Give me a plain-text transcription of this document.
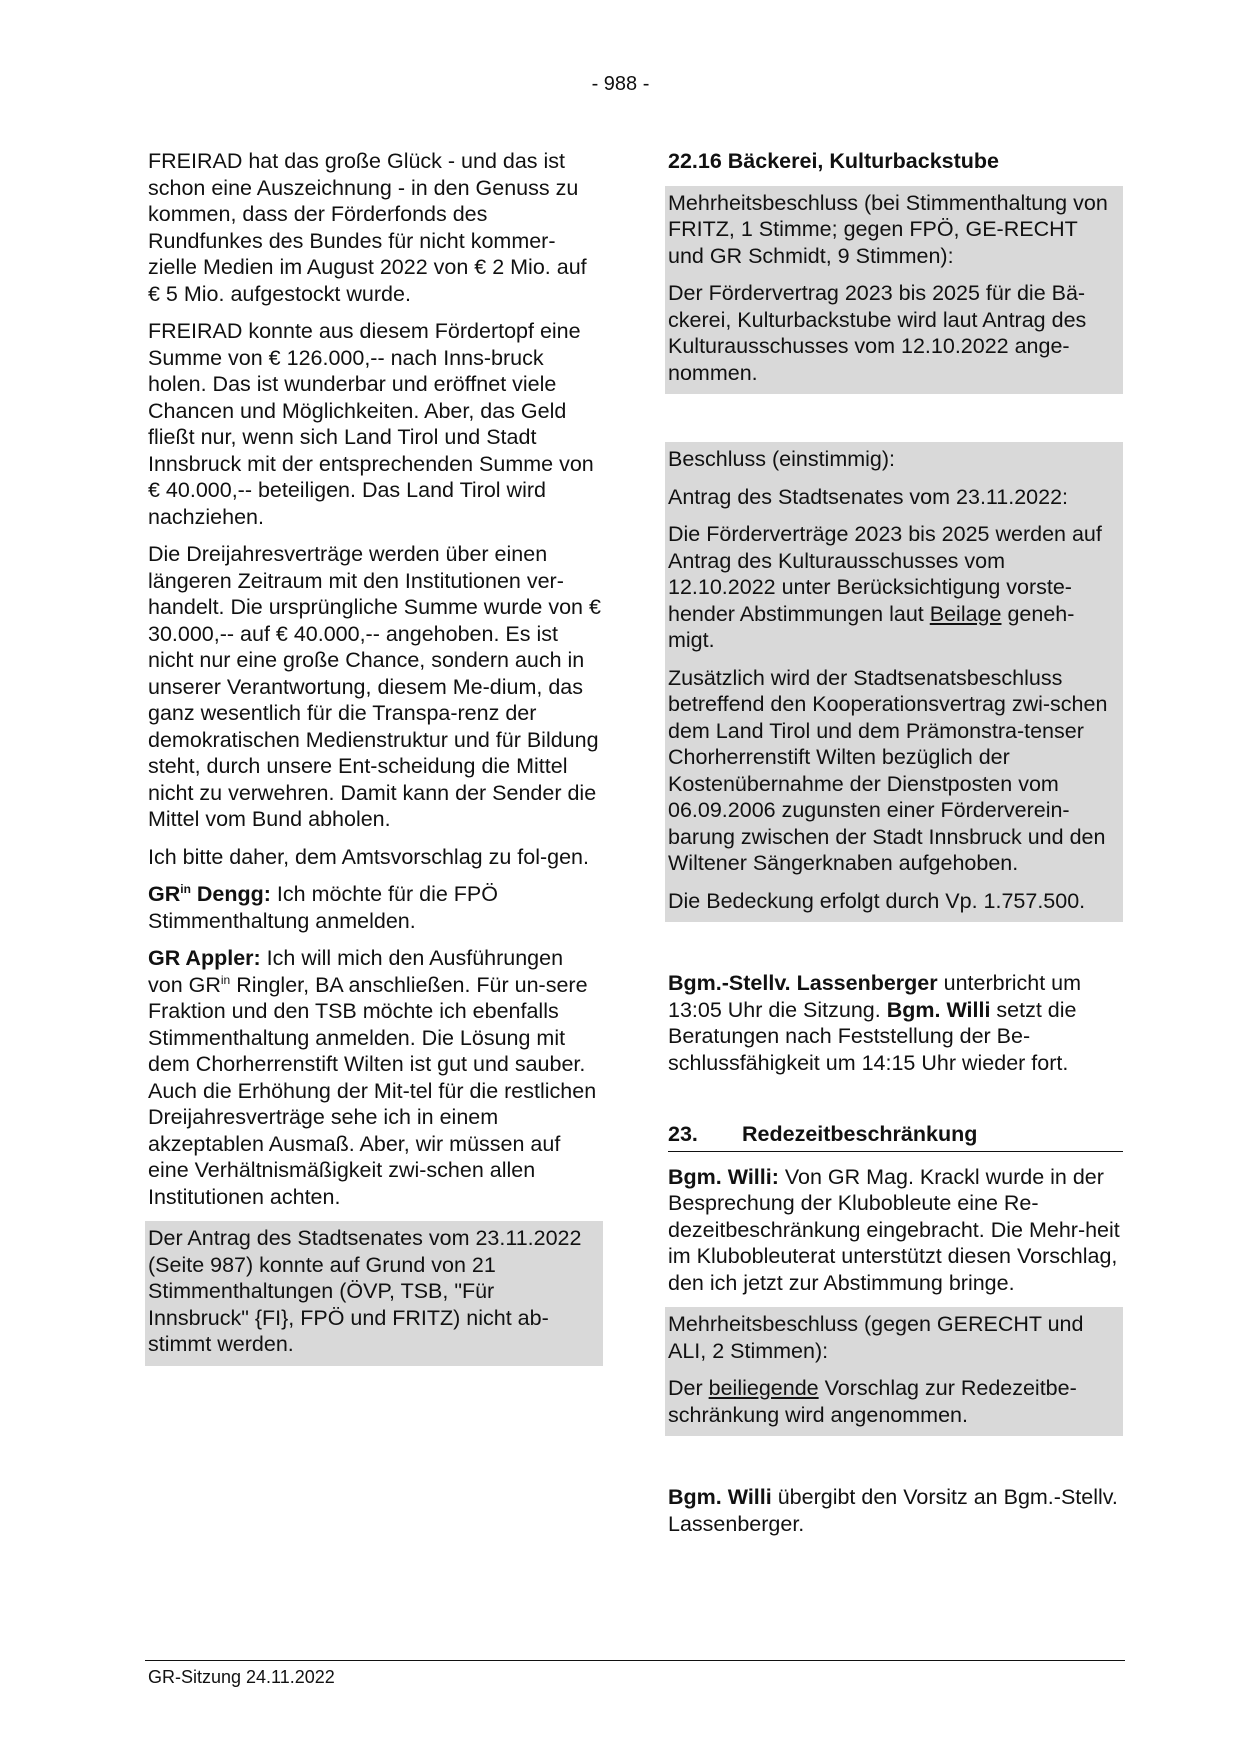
- 988 -

FREIRAD hat das große Glück - und das ist schon eine Auszeichnung - in den Genuss zu kommen, dass der Förderfonds des Rundfunkes des Bundes für nicht kommer-zielle Medien im August 2022 von € 2 Mio. auf € 5 Mio. aufgestockt wurde.

FREIRAD konnte aus diesem Fördertopf eine Summe von € 126.000,-- nach Inns-bruck holen. Das ist wunderbar und eröffnet viele Chancen und Möglichkeiten. Aber, das Geld fließt nur, wenn sich Land Tirol und Stadt Innsbruck mit der entsprechenden Summe von € 40.000,-- beteiligen. Das Land Tirol wird nachziehen.

Die Dreijahresverträge werden über einen längeren Zeitraum mit den Institutionen ver-handelt. Die ursprüngliche Summe wurde von € 30.000,-- auf € 40.000,-- angehoben. Es ist nicht nur eine große Chance, sondern auch in unserer Verantwortung, diesem Me-dium, das ganz wesentlich für die Transpa-renz der demokratischen Medienstruktur und für Bildung steht, durch unsere Ent-scheidung die Mittel nicht zu verwehren. Damit kann der Sender die Mittel vom Bund abholen.

Ich bitte daher, dem Amtsvorschlag zu fol-gen.

$GR^{in}$ Dengg: Ich möchte für die FPÖ Stimmenthaltung anmelden.

GR Appler: Ich will mich den Ausführungen von $GR^{in}$ Ringler, BA anschließen. Für un-sere Fraktion und den TSB möchte ich ebenfalls Stimmenthaltung anmelden. Die Lösung mit dem Chorherrenstift Wilten ist gut und sauber. Auch die Erhöhung der Mit-tel für die restlichen Dreijahresverträge sehe ich in einem akzeptablen Ausmaß. Aber, wir müssen auf eine Verhältnismäßigkeit zwi-schen allen Institutionen achten.

Der Antrag des Stadtsenates vom 23.11.2022 (Seite 987) konnte auf Grund von 21 Stimmenthaltungen (ÖVP, TSB, "Für Innsbruck" {FI}, FPÖ und FRITZ) nicht ab-stimmt werden.

22.16 Bäckerei, Kulturbackstube

Mehrheitsbeschluss (bei Stimmenthaltung von FRITZ, 1 Stimme; gegen FPÖ, GE-RECHT und GR Schmidt, 9 Stimmen):

Der Fördervertrag 2023 bis 2025 für die Bä-ckerei, Kulturbackstube wird laut Antrag des Kulturausschusses vom 12.10.2022 ange-nommen.

Beschluss (einstimmig):

Antrag des Stadtsenates vom 23.11.2022:

Die Förderverträge 2023 bis 2025 werden auf Antrag des Kulturausschusses vom 12.10.2022 unter Berücksichtigung vorste-hender Abstimmungen laut Beilage geneh-migt.

Zusätzlich wird der Stadtsenatsbeschluss betreffend den Kooperationsvertrag zwi-schen dem Land Tirol und dem Prämonstra-tenser Chorherrenstift Wilten bezüglich der Kostenübernahme der Dienstposten vom 06.09.2006 zugunsten einer Förderverein-barung zwischen der Stadt Innsbruck und den Wiltener Sängerknaben aufgehoben.

Die Bedeckung erfolgt durch Vp. 1.757.500.

Bgm.-Stellv. Lassenberger unterbricht um 13:05 Uhr die Sitzung. Bgm. Willi setzt die Beratungen nach Feststellung der Be-schlussfähigkeit um 14:15 Uhr wieder fort.

23.	Redezeitbeschränkung

Bgm. Willi: Von GR Mag. Krackl wurde in der Besprechung der Klubobleute eine Re-dezeitbeschränkung eingebracht. Die Mehr-heit im Klubobleuterat unterstützt diesen Vorschlag, den ich jetzt zur Abstimmung bringe.

Mehrheitsbeschluss (gegen GERECHT und ALI, 2 Stimmen):

Der beiliegende Vorschlag zur Redezeitbe-schränkung wird angenommen.

Bgm. Willi übergibt den Vorsitz an Bgm.-Stellv. Lassenberger.

GR-Sitzung 24.11.2022
